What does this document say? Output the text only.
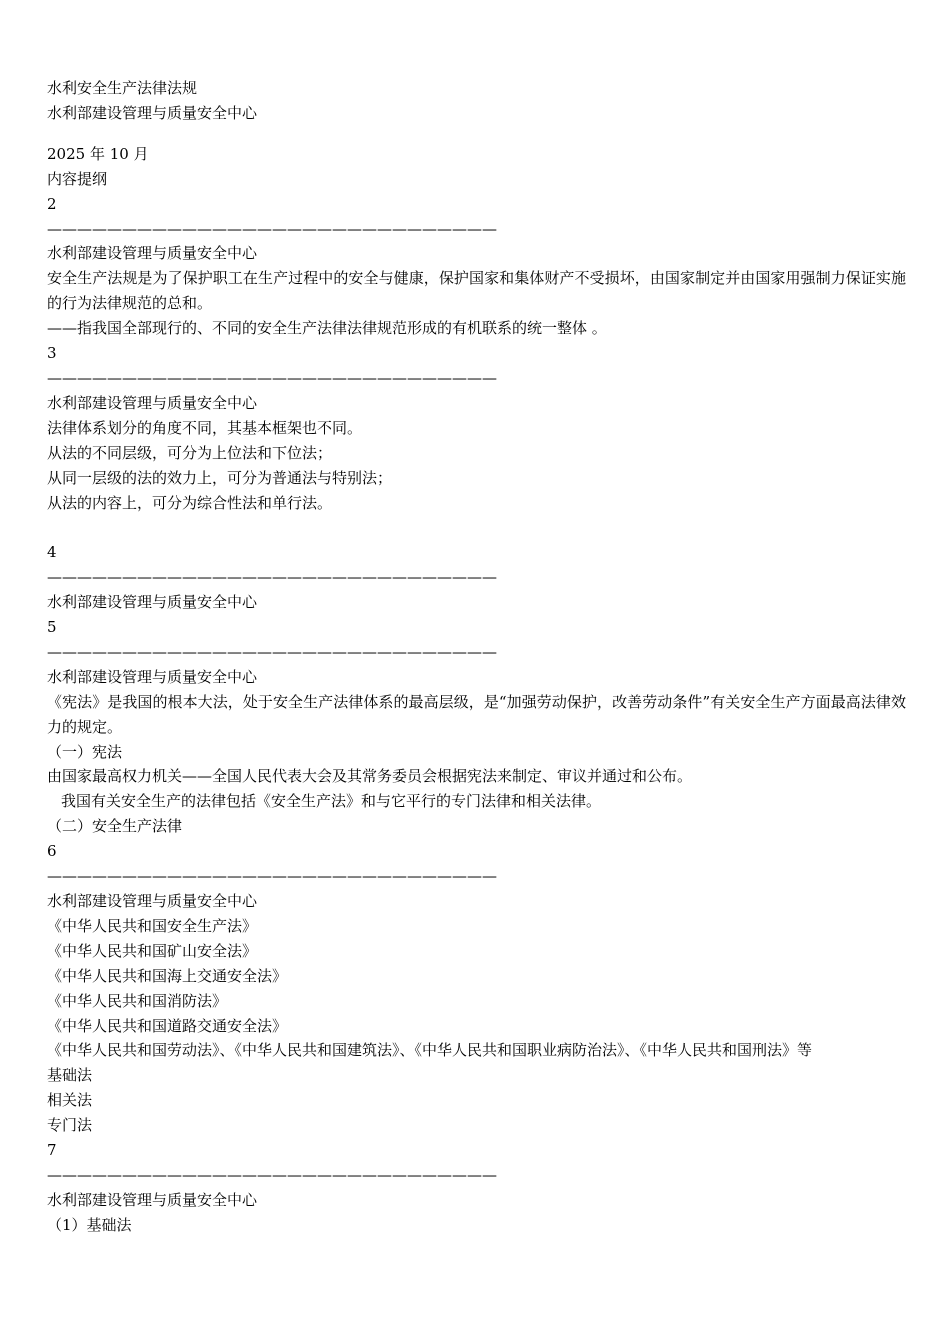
水利安全生产法律法规
水利部建设管理与质量安全中心
2025 年 10 月
内容提纲
2
——————————————————————————————
水利部建设管理与质量安全中心
安全生产法规是为了保护职工在生产过程中的安全与健康，保护国家和集体财产不受损坏，由国家制定并由国家用强制力保证实施的行为法律规范的总和。
——指我国全部现行的、不同的安全生产法律法律规范形成的有机联系的统一整体 。
3
——————————————————————————————
水利部建设管理与质量安全中心
法律体系划分的角度不同，其基本框架也不同。
从法的不同层级，可分为上位法和下位法；
从同一层级的法的效力上，可分为普通法与特别法；
从法的内容上，可分为综合性法和单行法。
4
——————————————————————————————
水利部建设管理与质量安全中心
5
——————————————————————————————
水利部建设管理与质量安全中心
《宪法》是我国的根本大法，处于安全生产法律体系的最高层级，是“加强劳动保护，改善劳动条件”有关安全生产方面最高法律效力的规定。
（一）宪法
由国家最高权力机关——全国人民代表大会及其常务委员会根据宪法来制定、审议并通过和公布。
我国有关安全生产的法律包括《安全生产法》和与它平行的专门法律和相关法律。
（二）安全生产法律
6
——————————————————————————————
水利部建设管理与质量安全中心
《中华人民共和国安全生产法》
《中华人民共和国矿山安全法》
《中华人民共和国海上交通安全法》
《中华人民共和国消防法》
《中华人民共和国道路交通安全法》
《中华人民共和国劳动法》、《中华人民共和国建筑法》、《中华人民共和国职业病防治法》、《中华人民共和国刑法》等
基础法
相关法
专门法
7
——————————————————————————————
水利部建设管理与质量安全中心
（1）基础法
